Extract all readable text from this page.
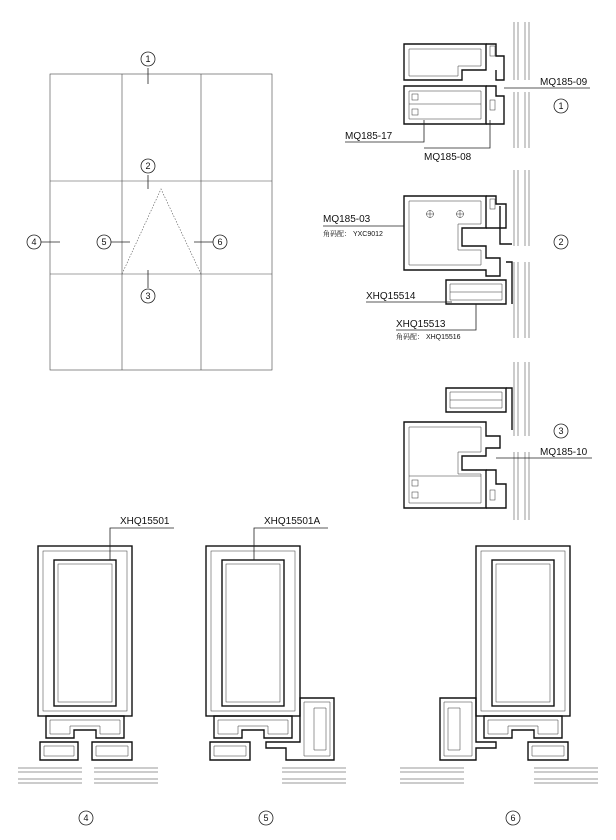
1
2
3
4	5	6
1
MQ185-09
MQ185-17
MQ185-08
2
MQ185-03
角码配： YXC9012
XHQ15514
XHQ15513
角码配： XHQ15516
3
MQ185-10
XHQ15501
4
XHQ15501A
5	6
